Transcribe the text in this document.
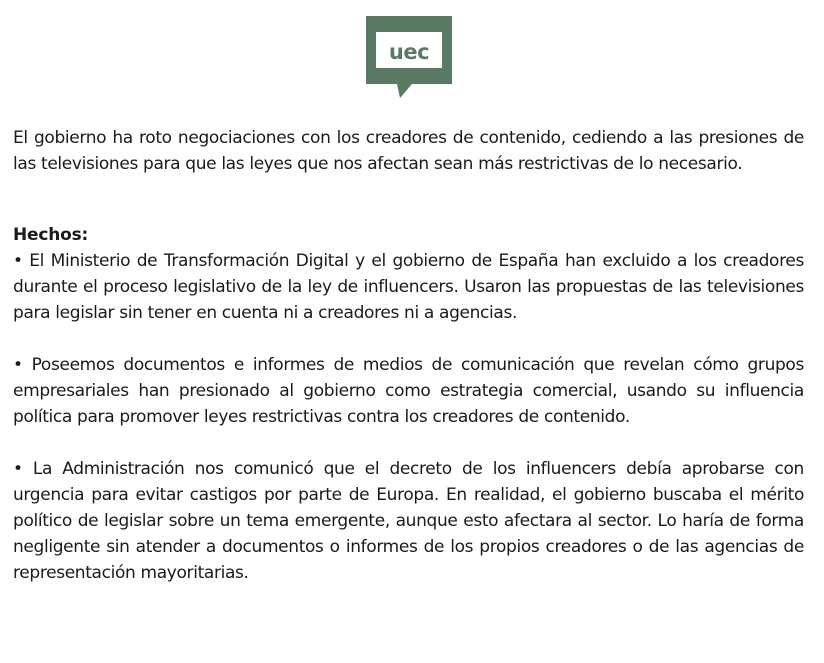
uec

El gobierno ha roto negociaciones con los creadores de contenido, cediendo a las presiones de las televisiones para que las leyes que nos afectan sean más restrictivas de lo necesario.

Hechos:

• El Ministerio de Transformación Digital y el gobierno de España han excluido a los creadores durante el proceso legislativo de la ley de influencers. Usaron las propuestas de las televisiones para legislar sin tener en cuenta ni a creadores ni a agencias.

• Poseemos documentos e informes de medios de comunicación que revelan cómo grupos empresariales han presionado al gobierno como estrategia comercial, usando su influencia política para promover leyes restrictivas contra los creadores de contenido.

• La Administración nos comunicó que el decreto de los influencers debía aprobarse con urgencia para evitar castigos por parte de Europa. En realidad, el gobierno buscaba el mérito político de legislar sobre un tema emergente, aunque esto afectara al sector. Lo haría de forma negligente sin atender a documentos o informes de los propios creadores o de las agencias de representación mayoritarias.
